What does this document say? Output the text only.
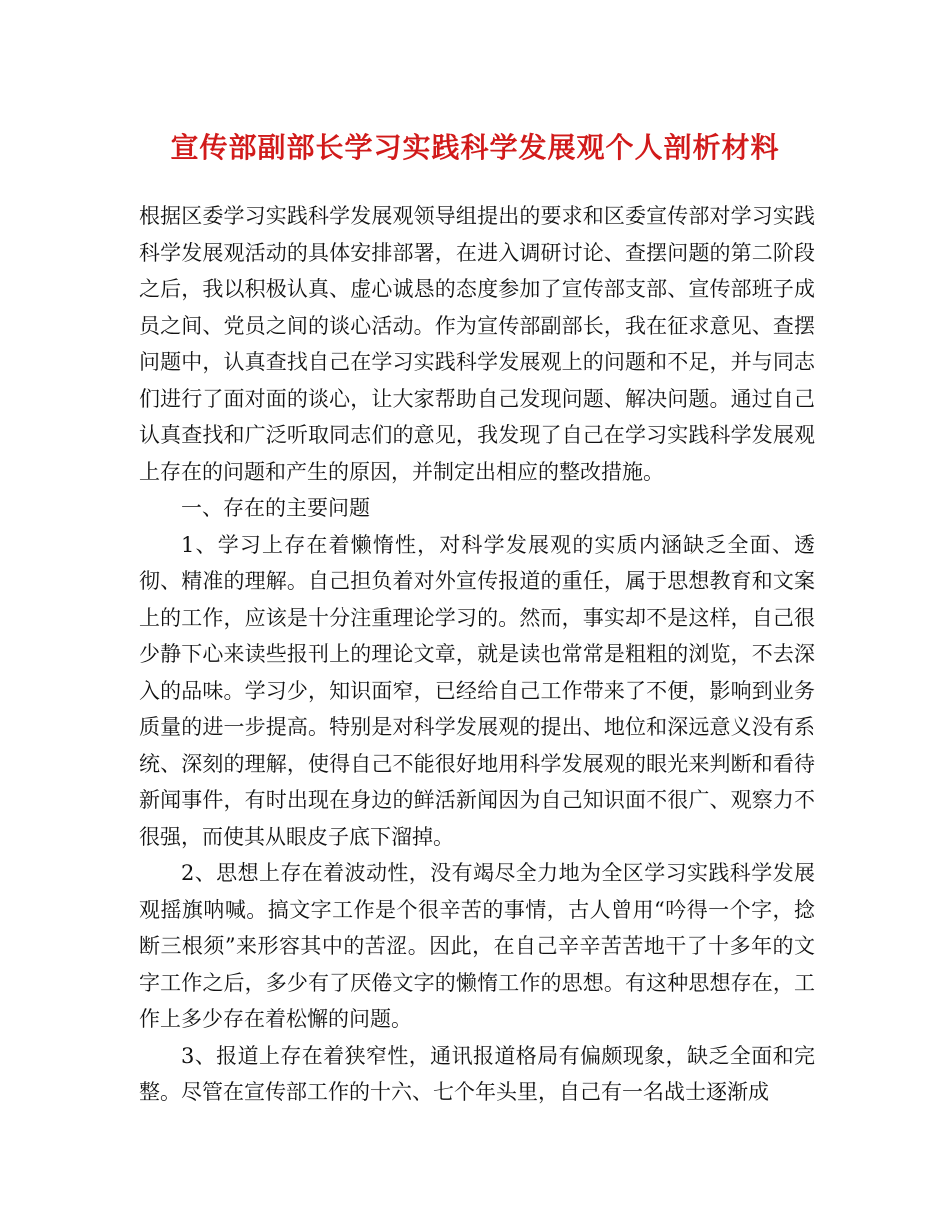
宣传部副部长学习实践科学发展观个人剖析材料

根据区委学习实践科学发展观领导组提出的要求和区委宣传部对学习实践科学发展观活动的具体安排部署，在进入调研讨论、查摆问题的第二阶段之后，我以积极认真、虚心诚恳的态度参加了宣传部支部、宣传部班子成员之间、党员之间的谈心活动。作为宣传部副部长，我在征求意见、查摆问题中，认真查找自己在学习实践科学发展观上的问题和不足，并与同志们进行了面对面的谈心，让大家帮助自己发现问题、解决问题。通过自己认真查找和广泛听取同志们的意见，我发现了自己在学习实践科学发展观上存在的问题和产生的原因，并制定出相应的整改措施。

一、存在的主要问题

1、学习上存在着懒惰性，对科学发展观的实质内涵缺乏全面、透彻、精准的理解。自己担负着对外宣传报道的重任，属于思想教育和文案上的工作，应该是十分注重理论学习的。然而，事实却不是这样，自己很少静下心来读些报刊上的理论文章，就是读也常常是粗粗的浏览，不去深入的品味。学习少，知识面窄，已经给自己工作带来了不便，影响到业务质量的进一步提高。特别是对科学发展观的提出、地位和深远意义没有系统、深刻的理解，使得自己不能很好地用科学发展观的眼光来判断和看待新闻事件，有时出现在身边的鲜活新闻因为自己知识面不很广、观察力不很强，而使其从眼皮子底下溜掉。

2、思想上存在着波动性，没有竭尽全力地为全区学习实践科学发展观摇旗呐喊。搞文字工作是个很辛苦的事情，古人曾用“吟得一个字，捻断三根须”来形容其中的苦涩。因此，在自己辛辛苦苦地干了十多年的文字工作之后，多少有了厌倦文字的懒惰工作的思想。有这种思想存在，工作上多少存在着松懈的问题。

3、报道上存在着狭窄性，通讯报道格局有偏颇现象，缺乏全面和完整。尽管在宣传部工作的十六、七个年头里，自己有一名战士逐渐成
